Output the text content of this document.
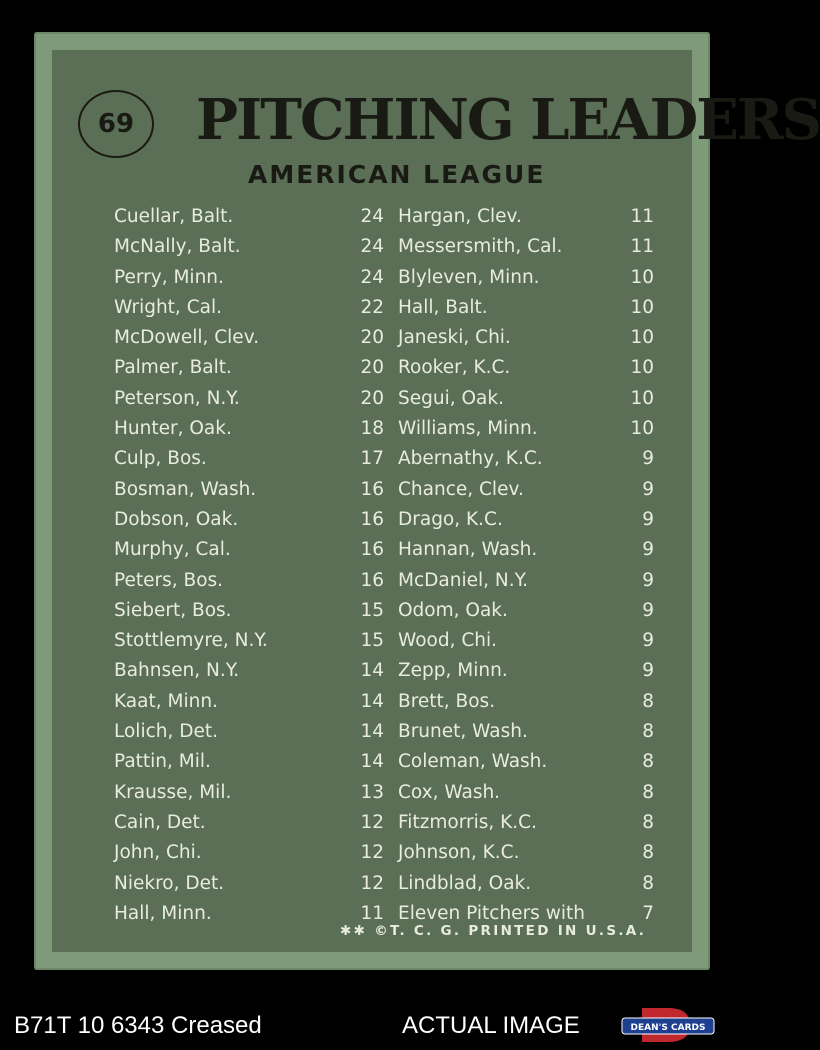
69	PITCHING LEADERS
AMERICAN LEAGUE
Cuellar, Balt.	24 Hargan, Clev.	11
McNally, Balt.	24 Messersmith, Cal.	11
Perry, Minn.	24 Blyleven, Minn.	10
Wright, Cal.	22 Hall, Balt.	10
McDowell, Clev.	20 Janeski, Chi.	10
Palmer, Balt.	20 Rooker, K.C.	10
Peterson, N.Y.	20 Segui, Oak.	10
Hunter, Oak.	18 Williams, Minn.	10
Culp, Bos.	17 Abernathy, K.C.	9
Bosman, Wash.	16 Chance, Clev.	9
Dobson, Oak.	16 Drago, K.C.	9
Murphy, Cal.	16 Hannan, Wash.	9
Peters, Bos.	16 McDaniel, N.Y.	9
Siebert, Bos.	15 Odom, Oak.	9
Stottlemyre, N.Y.	15 Wood, Chi.	9
Bahnsen, N.Y.	14 Zepp, Minn.	9
Kaat, Minn.	14 Brett, Bos.	8
Lolich, Det.	14 Brunet, Wash.	8
Pattin, Mil.	14 Coleman, Wash.	8
Krausse, Mil.	13 Cox, Wash.	8
Cain, Det.	12 Fitzmorris, K.C.	8
John, Chi.	12 Johnson, K.C.	8
Niekro, Det.	12 Lindblad, Oak.	8
Hall, Minn.	11 Eleven Pitchers with	7
✱✱ ©T. C. G. PRINTED IN U.S.A.
B71T 10 6343 Creased	ACTUAL IMAGE	DEAN'S CARDS
